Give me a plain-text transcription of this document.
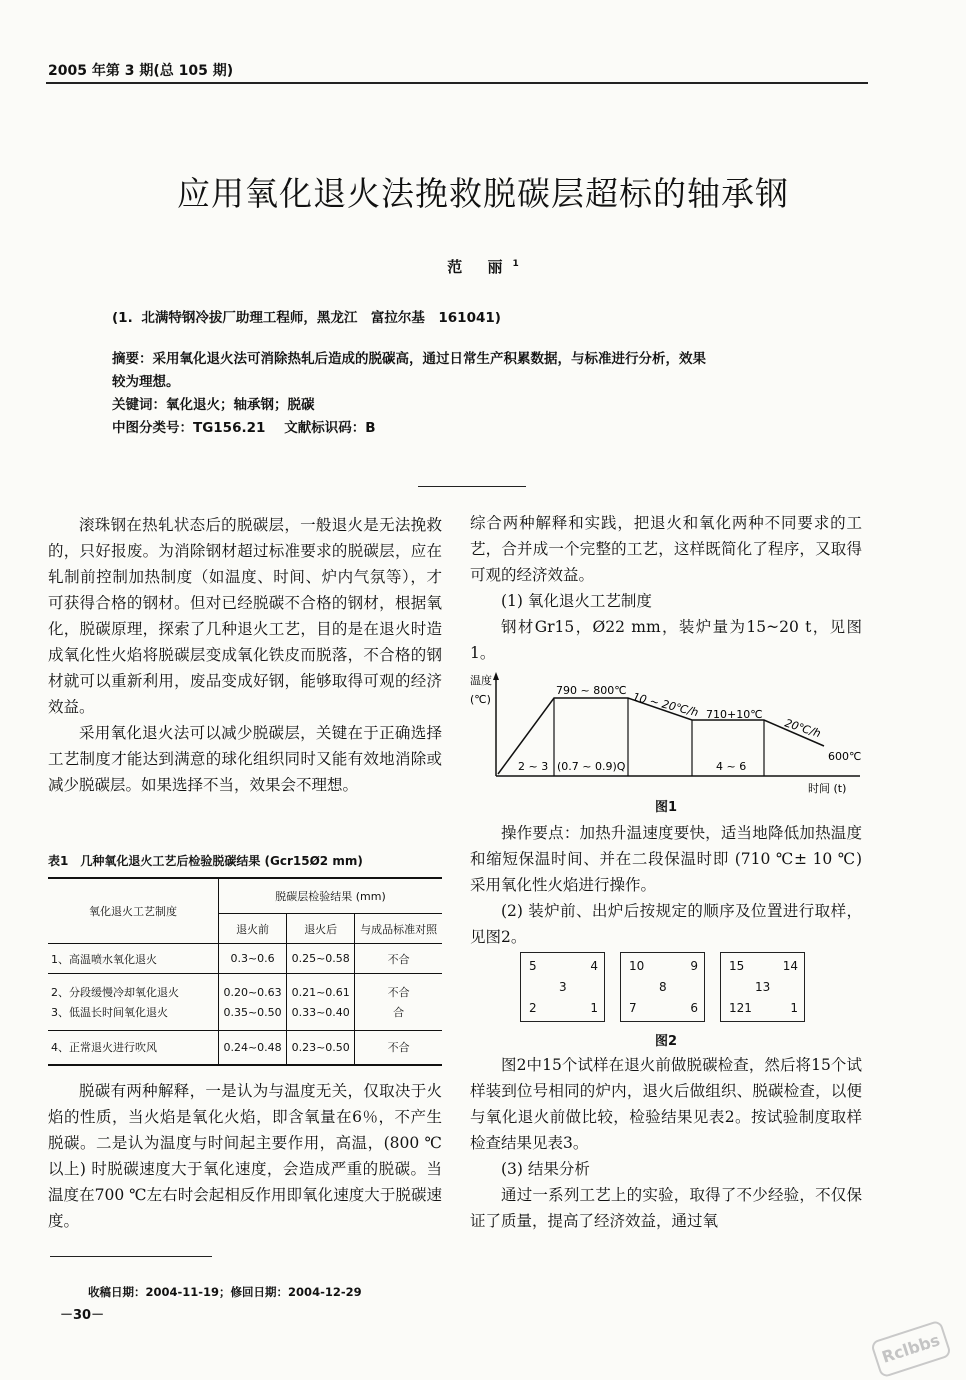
2005 年第 3 期(总 105 期)
应用氧化退火法挽救脱碳层超标的轴承钢
范 丽$^1$
(1. 北满特钢冷拔厂助理工程师，黑龙江　富拉尔基　161041)
摘要：采用氧化退火法可消除热轧后造成的脱碳高，通过日常生产积累数据，与标准进行分析，效果
较为理想。
关键词：氧化退火；轴承钢；脱碳
中图分类号：TG156.21 文献标识码：B

滚珠钢在热轧状态后的脱碳层，一般退火是无法挽救的，只好报废。为消除钢材超过标准要求的脱碳层，应在轧制前控制加热制度（如温度、时间、炉内气氛等），才可获得合格的钢材。但对已经脱碳不合格的钢材，根据氧化，脱碳原理，探索了几种退火工艺，目的是在退火时造成氧化性火焰将脱碳层变成氧化铁皮而脱落，不合格的钢材就可以重新利用，废品变成好钢，能够取得可观的经济效益。

采用氧化退火法可以减少脱碳层，关键在于正确选择工艺制度才能达到满意的球化组织同时又能有效地消除或减少脱碳层。如果选择不当，效果会不理想。

表1　几种氧化退火工艺后检验脱碳结果 (Gcr15Ø2 mm)
氧化退火工艺制度	脱碳层检验结果 (mm)		
	退火前	退火后	与成品标准对照
1、高温喷水氧化退火	0.3~0.6	0.25~0.58	不合
2、分段缓慢冷却氧化退火	0.20~0.63	0.21~0.61	不合
3、低温长时间氧化退火	0.35~0.50	0.33~0.40	合
4、正常退火进行吹风	0.24~0.48	0.23~0.50	不合

脱碳有两种解释，一是认为与温度无关，仅取决于火焰的性质，当火焰是氧化火焰，即含氧量在6％，不产生脱碳。二是认为温度与时间起主要作用，高温，(800 ℃以上) 时脱碳速度大于氧化速度，会造成严重的脱碳。当温度在700 ℃左右时会起相反作用即氧化速度大于脱碳速度。

综合两种解释和实践，把退火和氧化两种不同要求的工艺，合并成一个完整的工艺，这样既简化了程序，又取得可观的经济效益。

(1) 氧化退火工艺制度

钢材Gr15，Ø22 mm，装炉量为15~20 t，见图1。

温度
(℃)
790 ~ 800℃ 10 ~ 20℃/h 710+10℃
20℃/h
600℃
2 ~ 3 (0.7 ~ 0.9)Q	4 ~ 6
时间 (t)
图1

操作要点：加热升温速度要快，适当地降低加热温度和缩短保温时间、并在二段保温时即 (710 ℃± 10 ℃) 采用氧化性火焰进行操作。

(2) 装炉前、出炉后按规定的顺序及位置进行取样，见图2。

5	4
3
2	1
10	9
8
7	6
15	14
13
121	1
图2

图2中15个试样在退火前做脱碳检查，然后将15个试样装到位号相同的炉内，退火后做组织、脱碳检查，以便与氧化退火前做比较，检验结果见表2。按试验制度取样检查结果见表3。

(3) 结果分析

通过一系列工艺上的实验，取得了不少经验，不仅保证了质量，提高了经济效益，通过氧

收稿日期：2004-11-19；修回日期：2004-12-29
－30－
Rclbbs
